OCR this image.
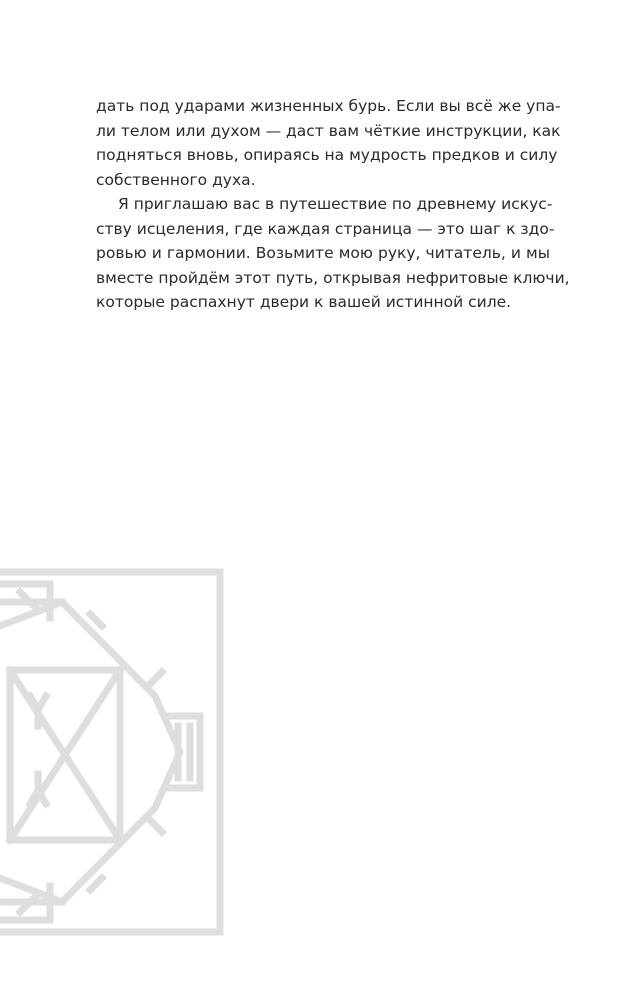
дать под ударами жизненных бурь. Если вы всё же упа-
ли телом или духом — даст вам чёткие инструкции, как
подняться вновь, опираясь на мудрость предков и силу
собственного духа.

Я приглашаю вас в путешествие по древнему искус-
ству исцеления, где каждая страница — это шаг к здо-
ровью и гармонии. Возьмите мою руку, читатель, и мы
вместе пройдём этот путь, открывая нефритовые ключи,
которые распахнут двери к вашей истинной силе.
